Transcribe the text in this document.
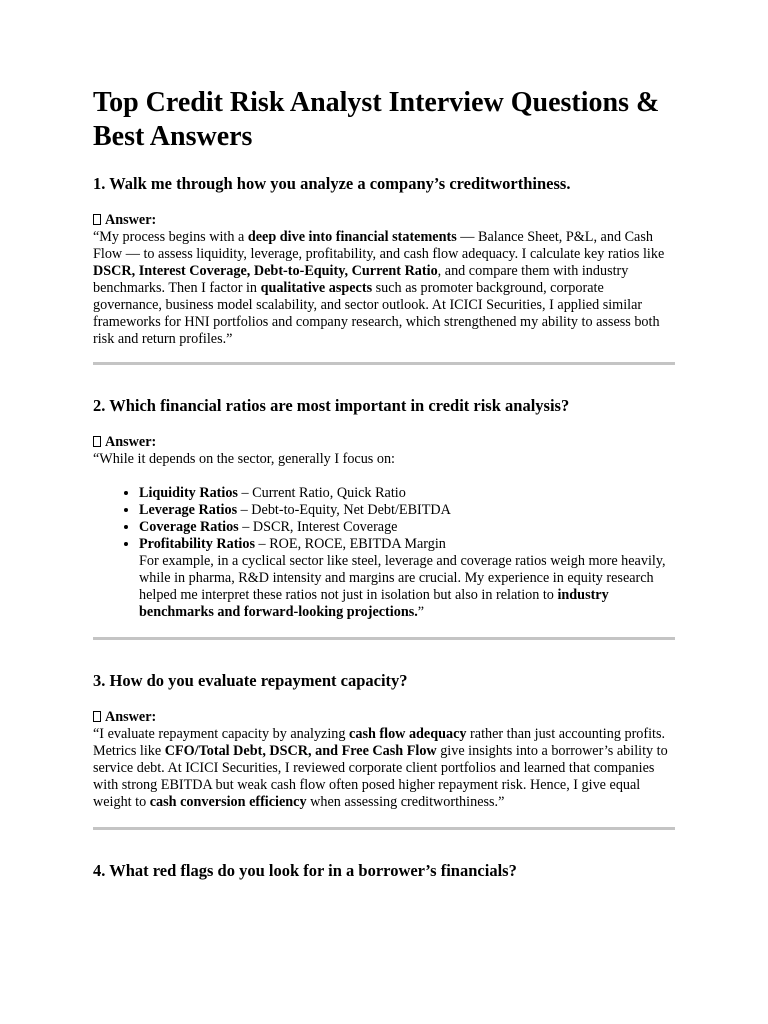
Top Credit Risk Analyst Interview Questions & Best Answers
1. Walk me through how you analyze a company’s creditworthiness.

Answer:

“My process begins with a deep dive into financial statements — Balance Sheet, P&L, and Cash Flow — to assess liquidity, leverage, profitability, and cash flow adequacy. I calculate key ratios like DSCR, Interest Coverage, Debt-to-Equity, Current Ratio, and compare them with industry benchmarks. Then I factor in qualitative aspects such as promoter background, corporate governance, business model scalability, and sector outlook. At ICICI Securities, I applied similar frameworks for HNI portfolios and company research, which strengthened my ability to assess both risk and return profiles.”

2. Which financial ratios are most important in credit risk analysis?

Answer:

“While it depends on the sector, generally I focus on:

• Liquidity Ratios – Current Ratio, Quick Ratio
• Leverage Ratios – Debt-to-Equity, Net Debt/EBITDA
• Coverage Ratios – DSCR, Interest Coverage
• Profitability Ratios – ROE, ROCE, EBITDA Margin
For example, in a cyclical sector like steel, leverage and coverage ratios weigh more heavily, while in pharma, R&D intensity and margins are crucial. My experience in equity research helped me interpret these ratios not just in isolation but also in relation to industry benchmarks and forward-looking projections.”
3. How do you evaluate repayment capacity?

Answer:

“I evaluate repayment capacity by analyzing cash flow adequacy rather than just accounting profits. Metrics like CFO/Total Debt, DSCR, and Free Cash Flow give insights into a borrower’s ability to service debt. At ICICI Securities, I reviewed corporate client portfolios and learned that companies with strong EBITDA but weak cash flow often posed higher repayment risk. Hence, I give equal weight to cash conversion efficiency when assessing creditworthiness.”

4. What red flags do you look for in a borrower’s financials?
